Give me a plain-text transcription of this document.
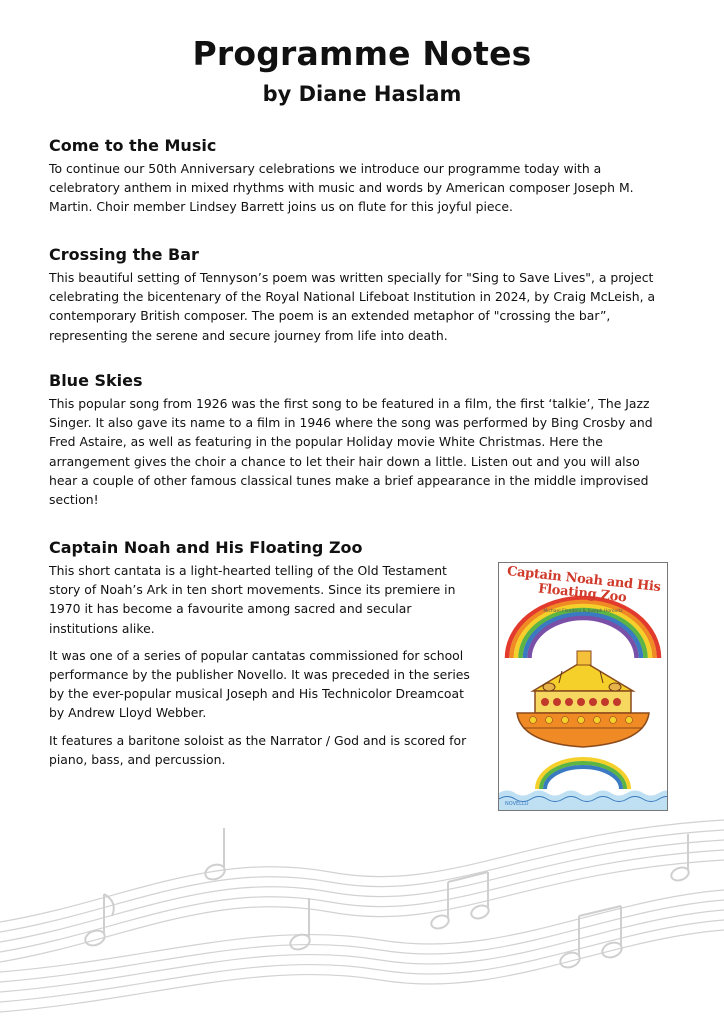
Programme Notes
by Diane Haslam
Come to the Music

To continue our 50th Anniversary celebrations we introduce our programme today with a celebratory anthem in mixed rhythms with music and words by American composer Joseph M. Martin. Choir member Lindsey Barrett joins us on flute for this joyful piece.

Crossing the Bar

This beautiful setting of Tennyson’s poem was written specially for "Sing to Save Lives", a project celebrating the bicentenary of the Royal National Lifeboat Institution in 2024, by Craig McLeish, a contemporary British composer. The poem is an extended metaphor of "crossing the bar”, representing the serene and secure journey from life into death.

Blue Skies

This popular song from 1926 was the first song to be featured in a film, the first ‘talkie’, The Jazz Singer. It also gave its name to a film in 1946 where the song was performed by Bing Crosby and Fred Astaire, as well as featuring in the popular Holiday movie White Christmas. Here the arrangement gives the choir a chance to let their hair down a little. Listen out and you will also hear a couple of other famous classical tunes make a brief appearance in the middle improvised section!

Captain Noah and His Floating Zoo

This short cantata is a light-hearted telling of the Old Testament story of Noah’s Ark in ten short movements. Since its premiere in 1970 it has become a favourite among sacred and secular institutions alike.

It was one of a series of popular cantatas commissioned for school performance by the publisher Novello. It was preceded in the series by the ever-popular musical Joseph and His Technicolor Dreamcoat by Andrew Lloyd Webber.

It features a baritone soloist as the Narrator / God and is scored for piano, bass, and percussion.

Captain Noah and His Floating Zoo
Michael Flanders & Joseph Horovitz
NOVELLO
